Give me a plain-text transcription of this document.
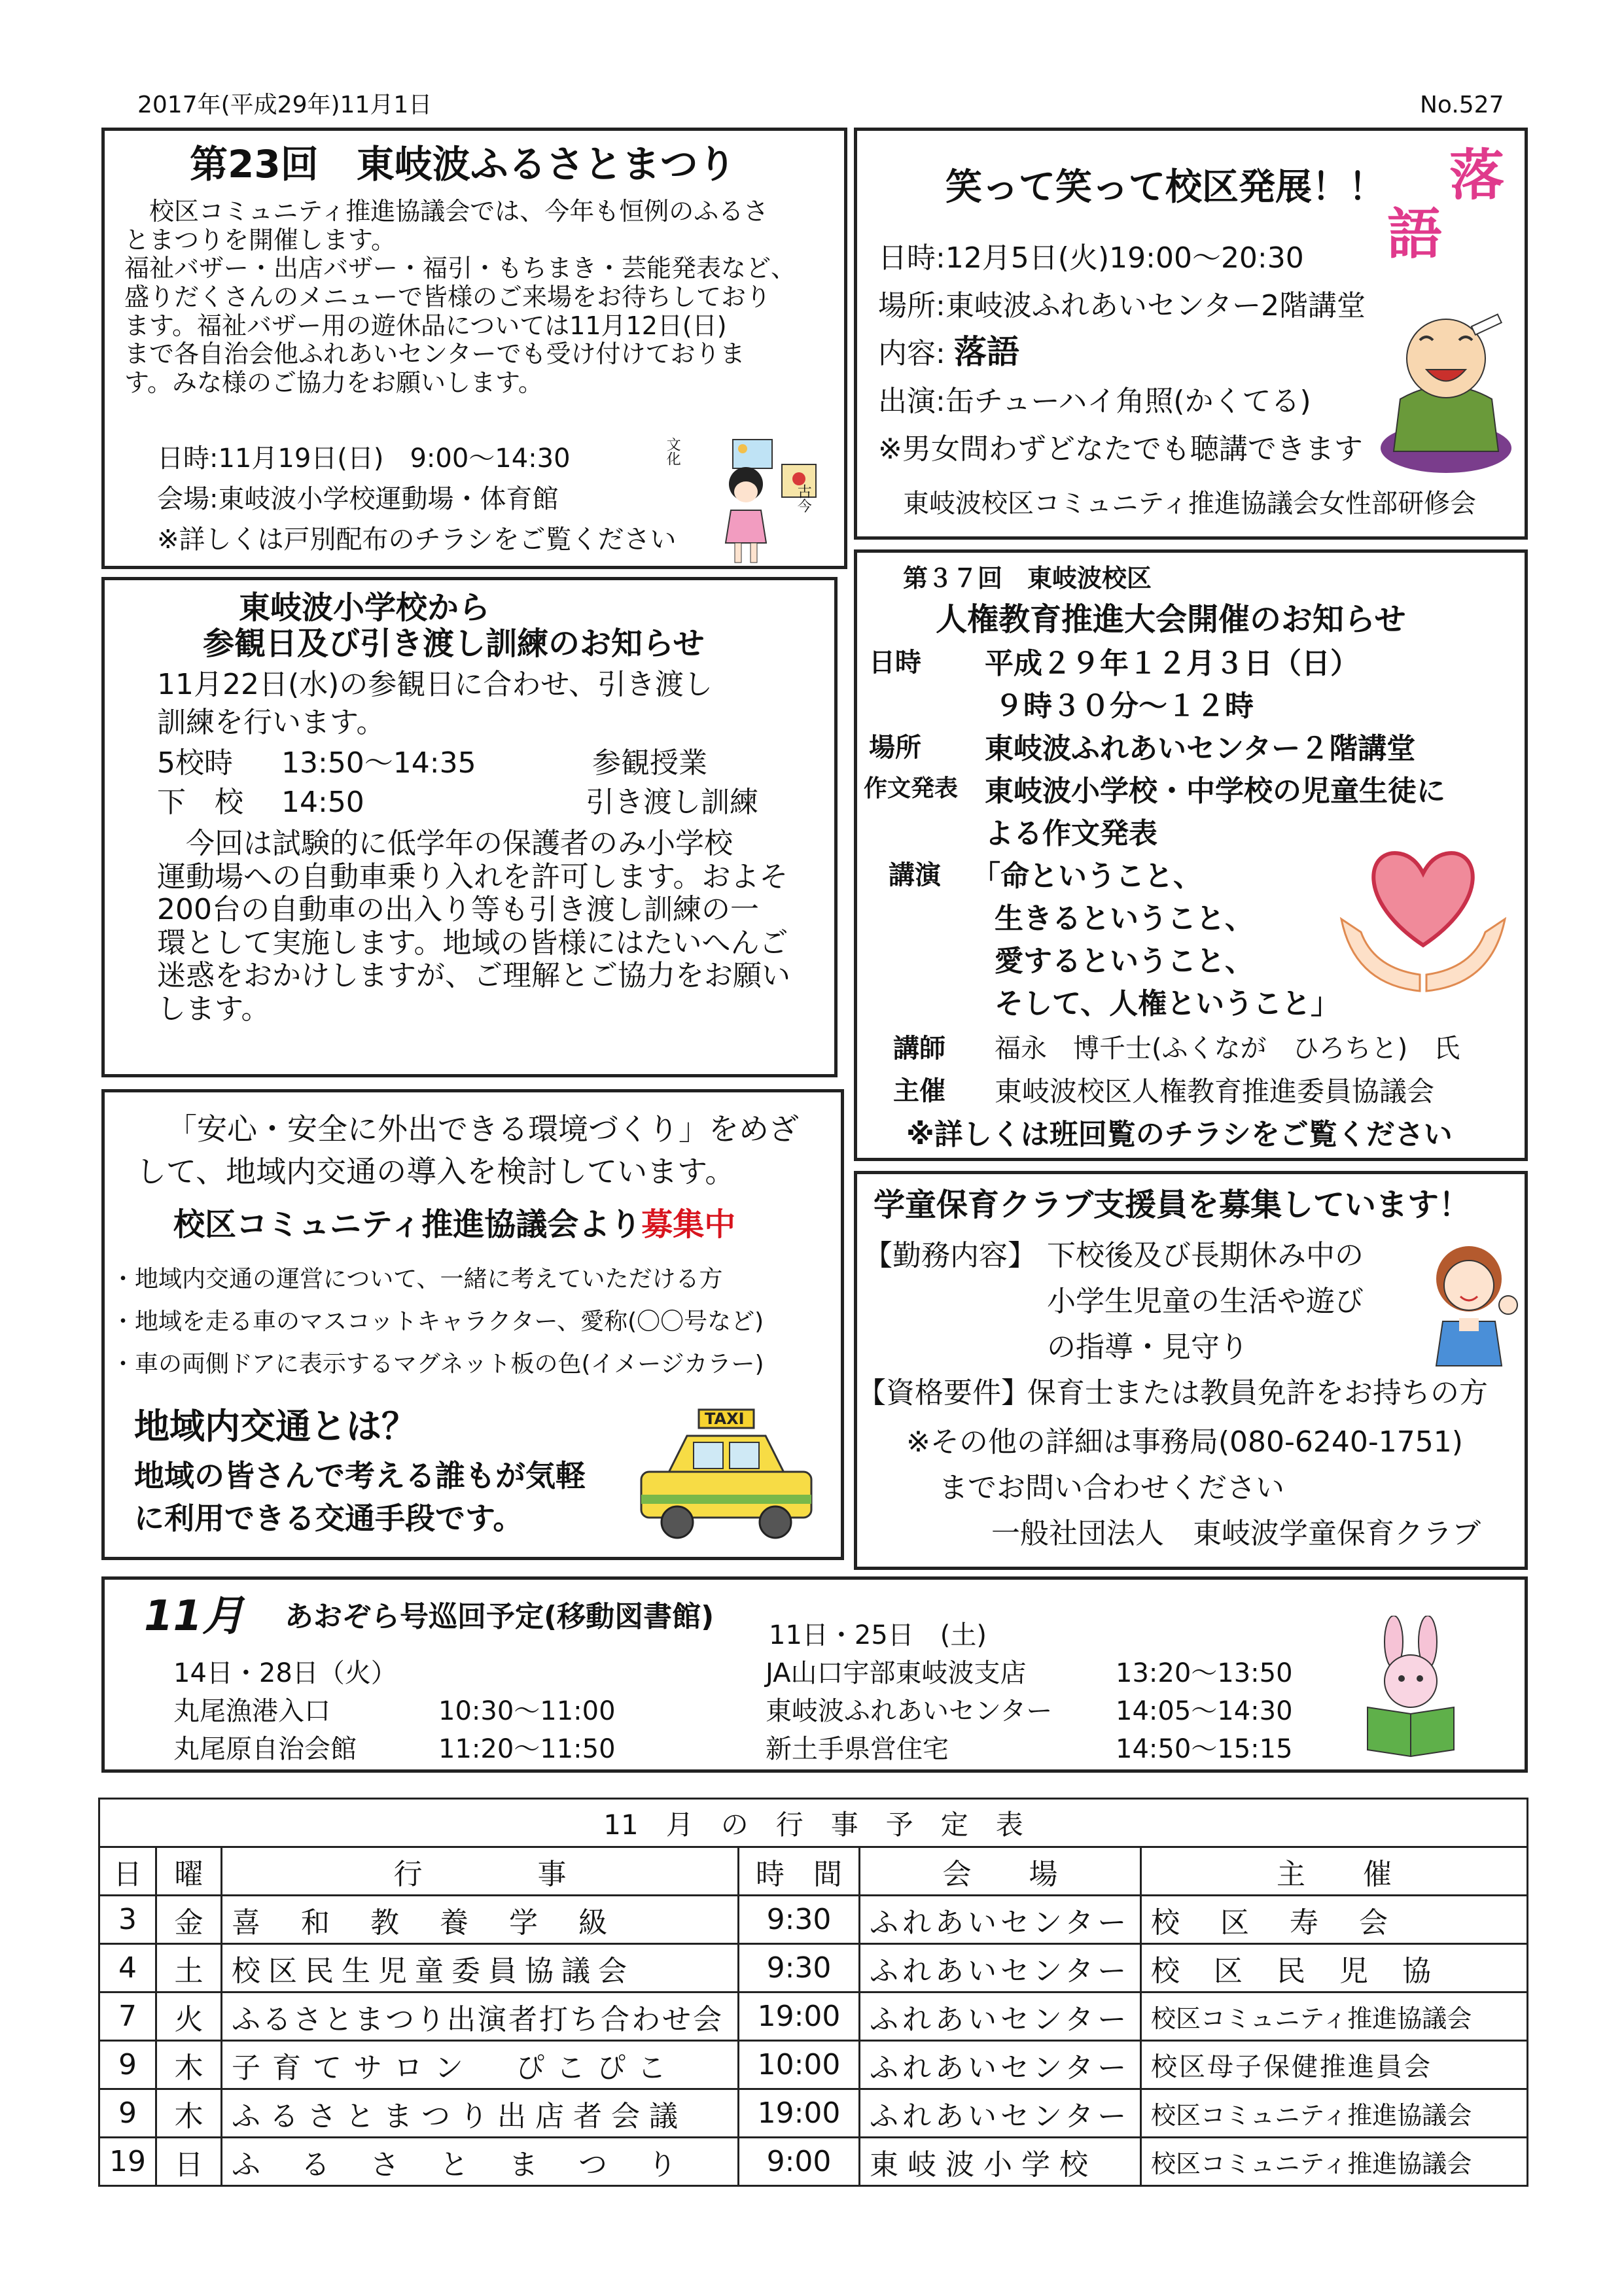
2017年(平成29年)11月1日	No.527
第23回　東岐波ふるさとまつり
　校区コミュニティ推進協議会では、今年も恒例のふるさ
とまつりを開催します。
福祉バザー・出店バザー・福引・もちまき・芸能発表など、
盛りだくさんのメニューで皆様のご来場をお待ちしており
ます。福祉バザー用の遊休品については11月12日(日)
まで各自治会他ふれあいセンターでも受け付けておりま
す。みな様のご協力をお願いします。
日時:11月19日(日)　9:00～14:30
会場:東岐波小学校運動場・体育館
※詳しくは戸別配布のチラシをご覧ください
文化
古今
笑って笑って校区発展！！ 落
語
日時:12月5日(火)19:00～20:30
場所:東岐波ふれあいセンター2階講堂
内容: 落語
出演:缶チューハイ角照(かくてる)
※男女問わずどなたでも聴講できます
東岐波校区コミュニティ推進協議会女性部研修会
東岐波小学校から
参観日及び引き渡し訓練のお知らせ
11月22日(水)の参観日に合わせ、引き渡し
訓練を行います。
5校時 13:50～14:35	参観授業
下　校 14:50	引き渡し訓練
　今回は試験的に低学年の保護者のみ小学校
運動場への自動車乗り入れを許可します。およそ
200台の自動車の出入り等も引き渡し訓練の一
環として実施します。地域の皆様にはたいへんご
迷惑をおかけしますが、ご理解とご協力をお願い
します。
第３７回　東岐波校区
人権教育推進大会開催のお知らせ
日時 平成２９年１２月３日（日）
９時３０分～１２時
場所 東岐波ふれあいセンター２階講堂
作文発表 東岐波小学校・中学校の児童生徒に
よる作文発表
講演 「命ということ、
生きるということ、
愛するということ、
そして、人権ということ」
講師 福永　博千士(ふくなが　ひろちと)　氏
主催 東岐波校区人権教育推進委員協議会
※詳しくは班回覧のチラシをご覧ください
「安心・安全に外出できる環境づくり」をめざ
して、地域内交通の導入を検討しています。
校区コミュニティ推進協議会より募集中
・地域内交通の運営について、一緒に考えていただける方
・地域を走る車のマスコットキャラクター、愛称(〇〇号など)
・車の両側ドアに表示するマグネット板の色(イメージカラー)
地域内交通とは？
地域の皆さんで考える誰もが気軽
に利用できる交通手段です。
TAXI
学童保育クラブ支援員を募集しています！
【勤務内容】 下校後及び長期休み中の
小学生児童の生活や遊び
の指導・見守り
【資格要件】
保育士または教員免許をお持ちの方
※その他の詳細は事務局(080-6240-1751)
までお問い合わせください
一般社団法人　東岐波学童保育クラブ
11月 あおぞら号巡回予定(移動図書館)
14日・28日（火）
丸尾漁港入口	10:30～11:00
丸尾原自治会館	11:20～11:50
11日・25日　(土)
JA山口宇部東岐波支店	13:20～13:50
東岐波ふれあいセンター 14:05～14:30
新土手県営住宅	14:50～15:15
11　月　の　行　事　予　定　表					
日	曜	行　　　　事	時　間	会　　場	主　　催
3	金	喜和教養学級	9:30	ふれあいセンター	校区寿会
4	土	校区民生児童委員協議会	9:30	ふれあいセンター	校区民児協
7	火	ふるさとまつり出演者打ち合わせ会	19:00	ふれあいセンター	校区コミュニティ推進協議会
9	木	子育てサロン　ぴこぴこ	10:00	ふれあいセンター	校区母子保健推進員会
9	木	ふるさとまつり出店者会議	19:00	ふれあいセンター	校区コミュニティ推進協議会
19	日	ふるさとまつり	9:00	東岐波小学校	校区コミュニティ推進協議会
